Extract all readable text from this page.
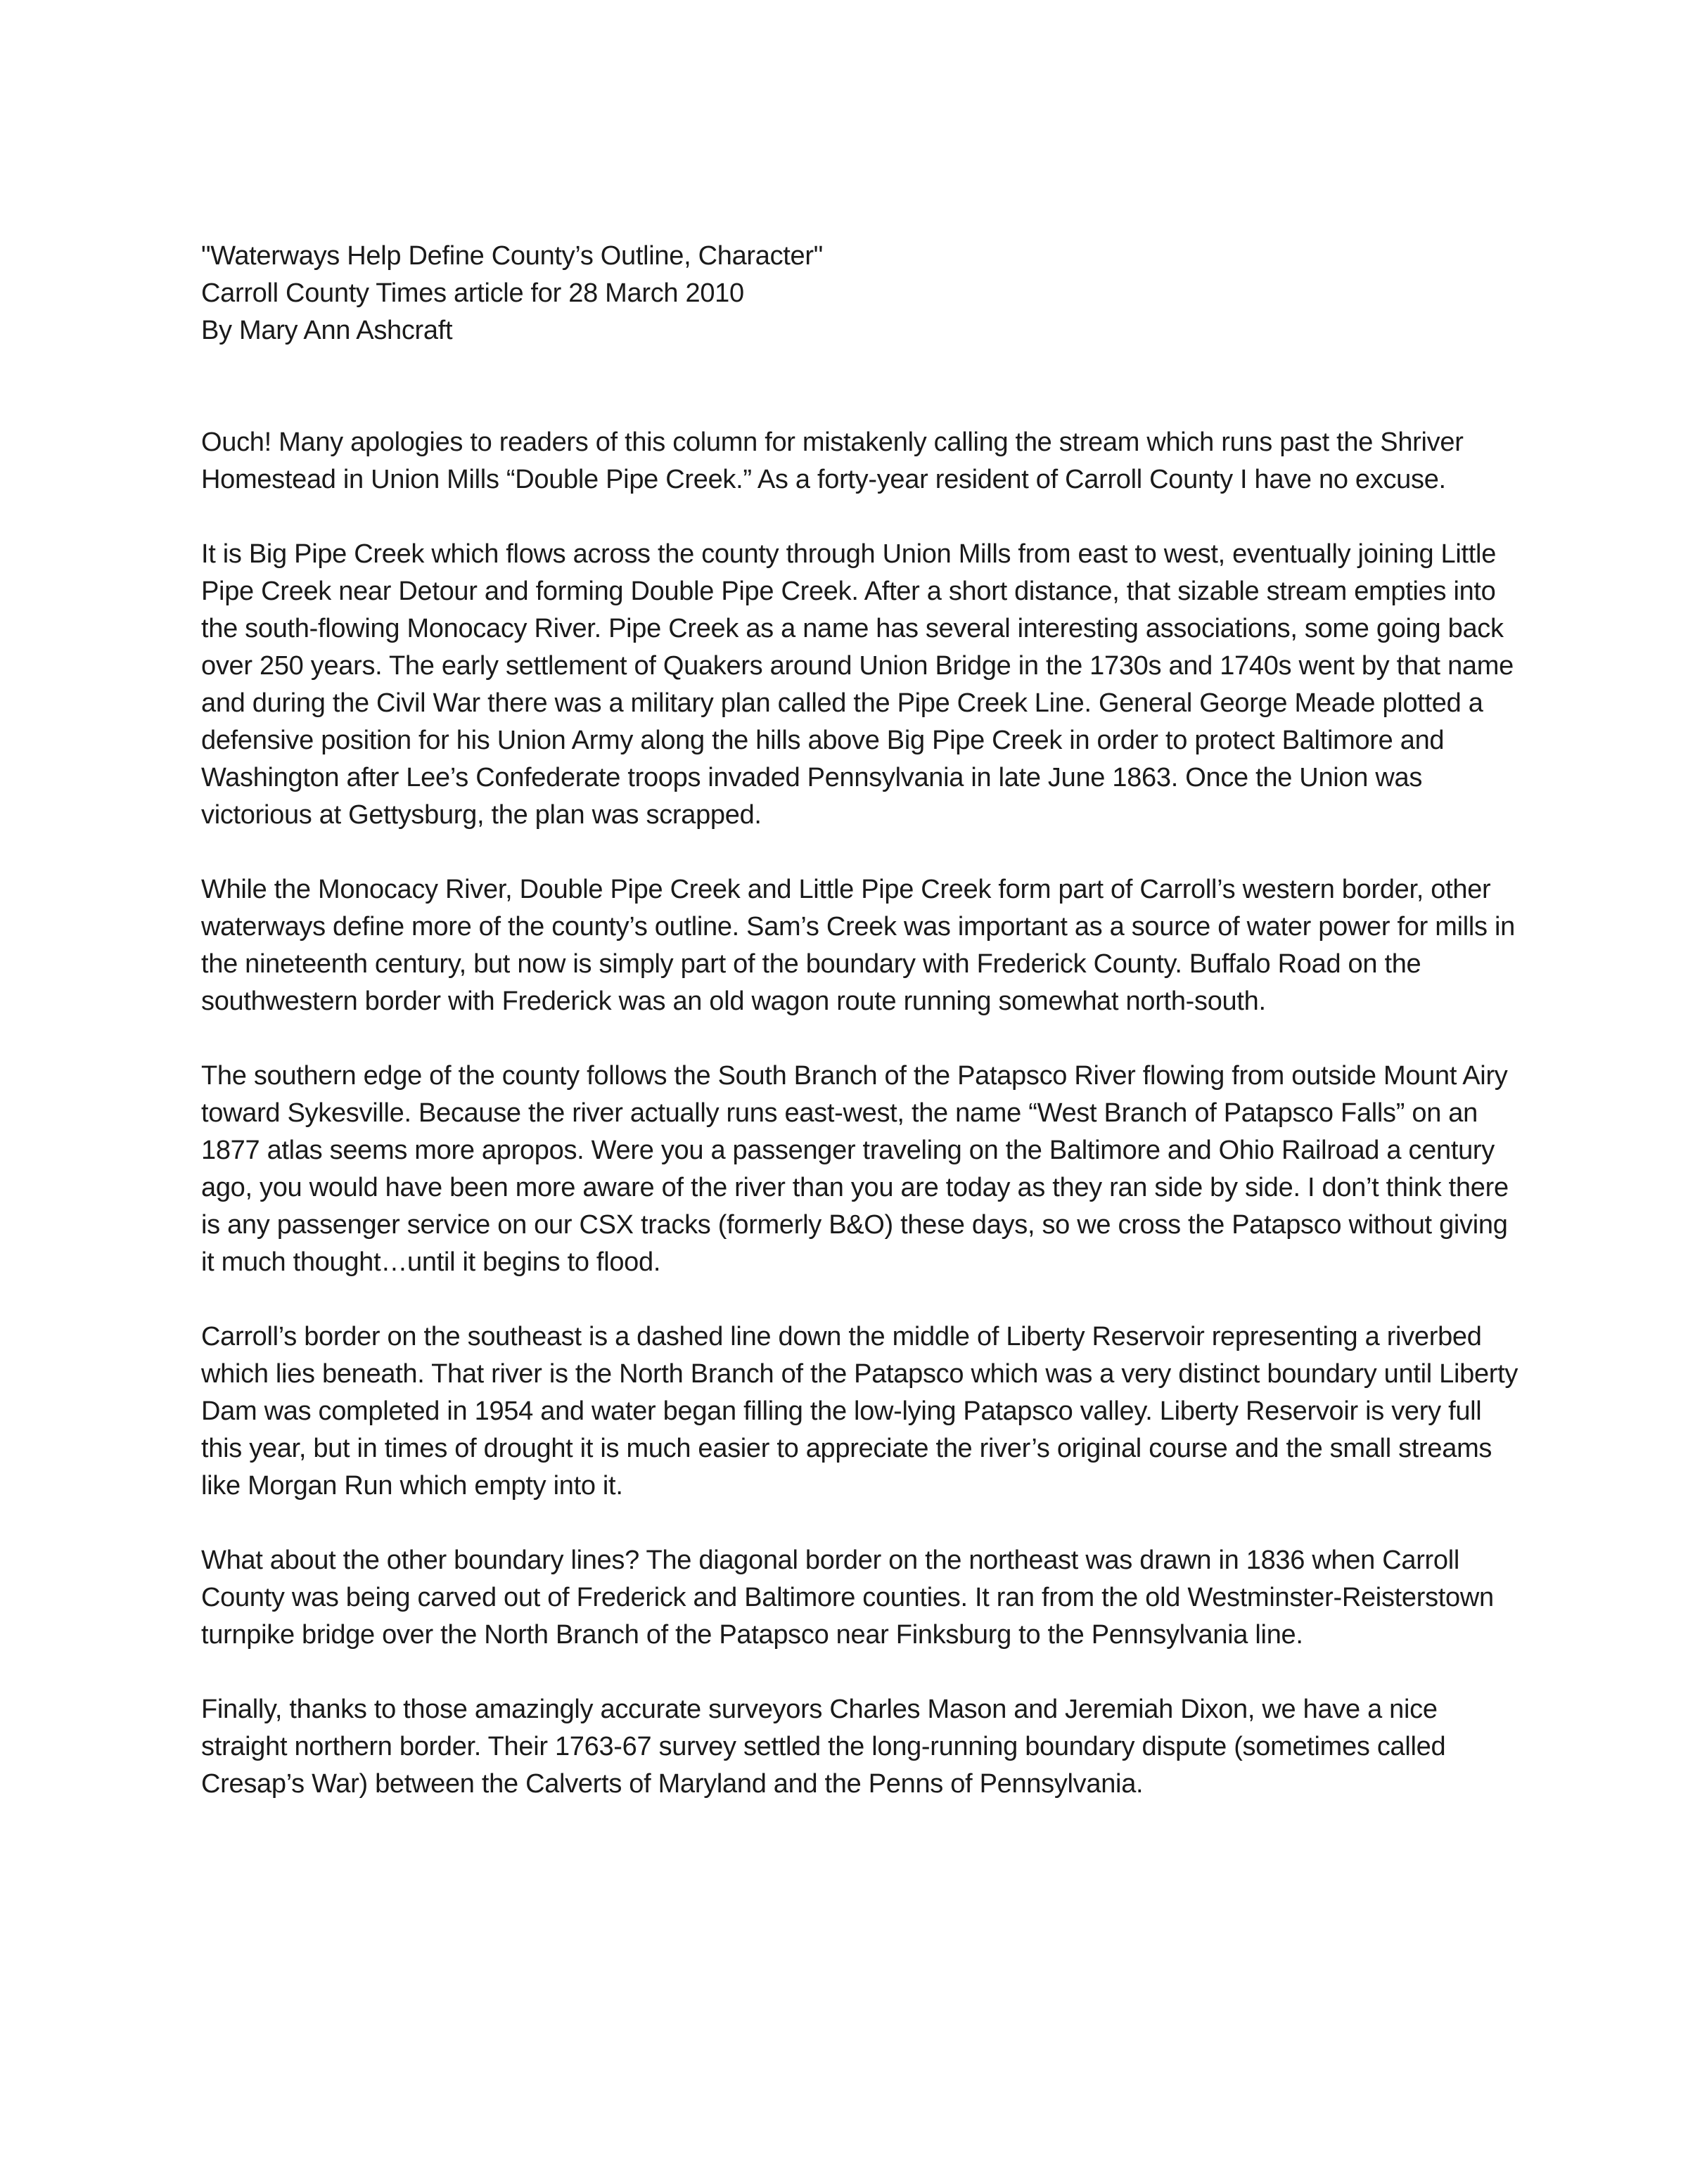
"Waterways Help Define County’s Outline, Character"
Carroll County Times article for 28 March 2010
By Mary Ann Ashcraft

Ouch! Many apologies to readers of this column for mistakenly calling the stream which runs past the Shriver Homestead in Union Mills “Double Pipe Creek.” As a forty-year resident of Carroll County I have no excuse.

It is Big Pipe Creek which flows across the county through Union Mills from east to west, eventually joining Little Pipe Creek near Detour and forming Double Pipe Creek. After a short distance, that sizable stream empties into the south-flowing Monocacy River. Pipe Creek as a name has several interesting associations, some going back over 250 years. The early settlement of Quakers around Union Bridge in the 1730s and 1740s went by that name and during the Civil War there was a military plan called the Pipe Creek Line. General George Meade plotted a defensive position for his Union Army along the hills above Big Pipe Creek in order to protect Baltimore and Washington after Lee’s Confederate troops invaded Pennsylvania in late June 1863. Once the Union was victorious at Gettysburg, the plan was scrapped.

While the Monocacy River, Double Pipe Creek and Little Pipe Creek form part of Carroll’s western border, other waterways define more of the county’s outline. Sam’s Creek was important as a source of water power for mills in the nineteenth century, but now is simply part of the boundary with Frederick County. Buffalo Road on the southwestern border with Frederick was an old wagon route running somewhat north-south.

The southern edge of the county follows the South Branch of the Patapsco River flowing from outside Mount Airy toward Sykesville. Because the river actually runs east-west, the name “West Branch of Patapsco Falls” on an 1877 atlas seems more apropos. Were you a passenger traveling on the Baltimore and Ohio Railroad a century ago, you would have been more aware of the river than you are today as they ran side by side. I don’t think there is any passenger service on our CSX tracks (formerly B&O) these days, so we cross the Patapsco without giving it much thought…until it begins to flood.

Carroll’s border on the southeast is a dashed line down the middle of Liberty Reservoir representing a riverbed which lies beneath. That river is the North Branch of the Patapsco which was a very distinct boundary until Liberty Dam was completed in 1954 and water began filling the low-lying Patapsco valley. Liberty Reservoir is very full this year, but in times of drought it is much easier to appreciate the river’s original course and the small streams like Morgan Run which empty into it.

What about the other boundary lines? The diagonal border on the northeast was drawn in 1836 when Carroll County was being carved out of Frederick and Baltimore counties. It ran from the old Westminster-Reisterstown turnpike bridge over the North Branch of the Patapsco near Finksburg to the Pennsylvania line.

Finally, thanks to those amazingly accurate surveyors Charles Mason and Jeremiah Dixon, we have a nice straight northern border. Their 1763-67 survey settled the long-running boundary dispute (sometimes called Cresap’s War) between the Calverts of Maryland and the Penns of Pennsylvania.
